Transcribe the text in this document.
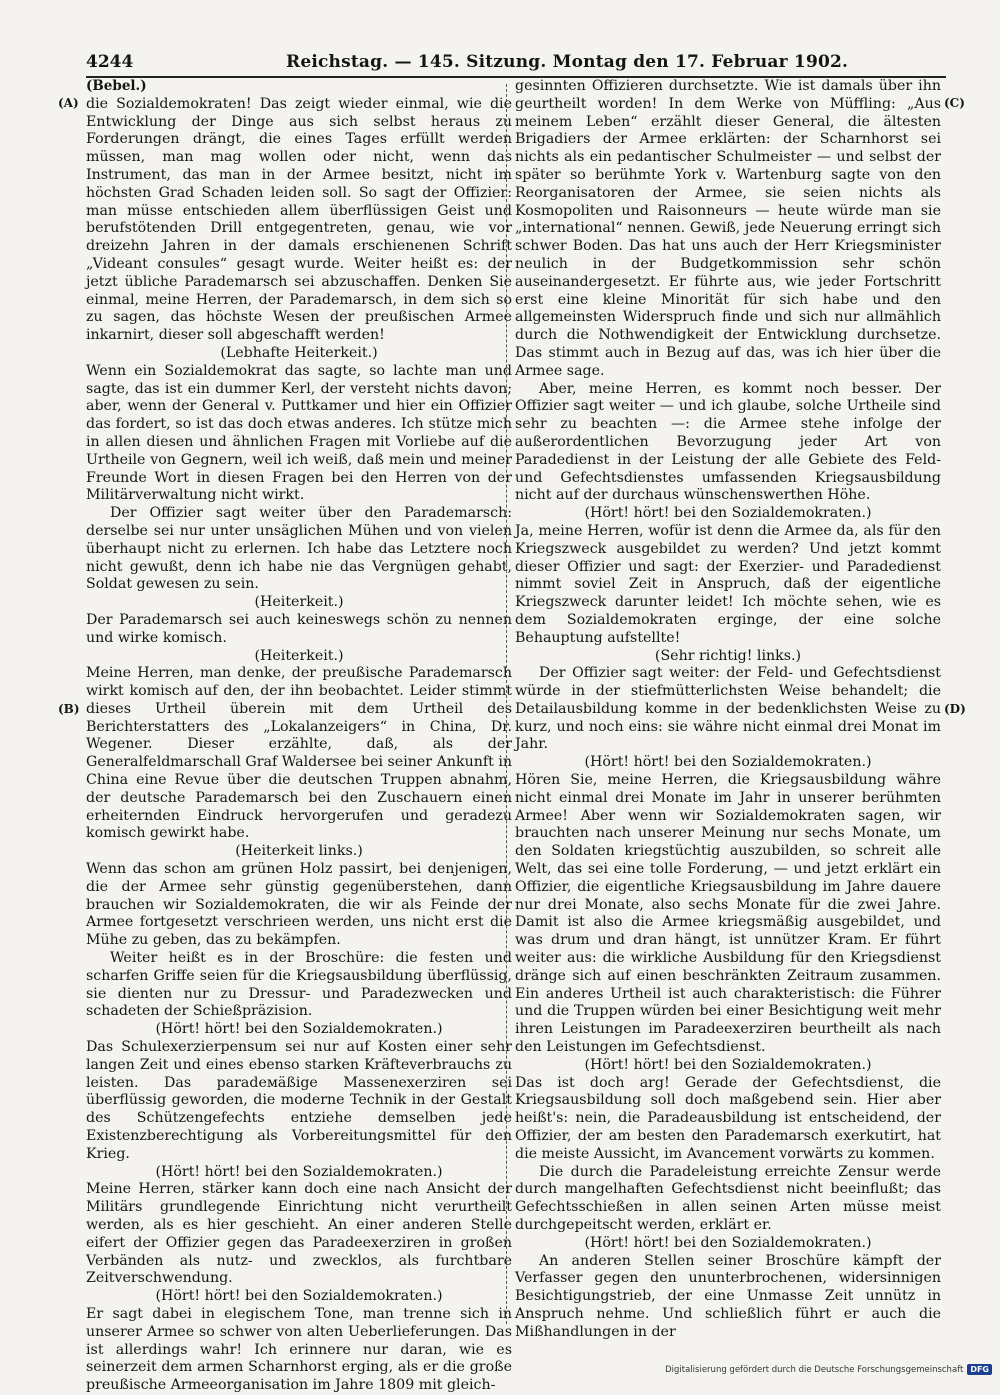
4244	Reichstag. — 145. Sitzung. Montag den 17. Februar 1902.
(Bebel.)

die Sozialdemokraten! Das zeigt wieder einmal, wie die Entwicklung der Dinge aus sich selbst heraus zu Forderungen drängt, die eines Tages erfüllt werden müssen, man mag wollen oder nicht, wenn das Instrument, das man in der Armee besitzt, nicht im höchsten Grad Schaden leiden soll. So sagt der Offizier: man müsse entschieden allem überflüssigen Geist und berufstötenden Drill entgegentreten, genau, wie vor dreizehn Jahren in der damals erschienenen Schrift „Videant consules“ gesagt wurde. Weiter heißt es: der jetzt übliche Parademarsch sei abzuschaffen. Denken Sie einmal, meine Herren, der Parademarsch, in dem sich so zu sagen, das höchste Wesen der preußischen Armee inkarnirt, dieser soll abgeschafft werden!

(Lebhafte Heiterkeit.)

Wenn ein Sozialdemokrat das sagte, so lachte man und sagte, das ist ein dummer Kerl, der versteht nichts davon; aber, wenn der General v. Puttkamer und hier ein Offizier das fordert, so ist das doch etwas anderes. Ich stütze mich in allen diesen und ähnlichen Fragen mit Vorliebe auf die Urtheile von Gegnern, weil ich weiß, daß mein und meiner Freunde Wort in diesen Fragen bei den Herren von der Militärverwaltung nicht wirkt.

Der Offizier sagt weiter über den Parademarsch: derselbe sei nur unter unsäglichen Mühen und von vielen überhaupt nicht zu erlernen. Ich habe das Letztere noch nicht gewußt, denn ich habe nie das Vergnügen gehabt, Soldat gewesen zu sein.

(Heiterkeit.)

Der Parademarsch sei auch keineswegs schön zu nennen und wirke komisch.

(Heiterkeit.)

Meine Herren, man denke, der preußische Parademarsch wirkt komisch auf den, der ihn beobachtet. Leider stimmt dieses Urtheil überein mit dem Urtheil des Berichterstatters des „Lokalanzeigers“ in China, Dr. Wegener. Dieser erzählte, daß, als der Generalfeldmarschall Graf Waldersee bei seiner Ankunft in China eine Revue über die deutschen Truppen abnahm, der deutsche Parademarsch bei den Zuschauern einen erheiternden Eindruck hervorgerufen und geradezu komisch gewirkt habe.

(Heiterkeit links.)

Wenn das schon am grünen Holz passirt, bei denjenigen, die der Armee sehr günstig gegenüberstehen, dann brauchen wir Sozialdemokraten, die wir als Feinde der Armee fortgesetzt verschrieen werden, uns nicht erst die Mühe zu geben, das zu bekämpfen.

Weiter heißt es in der Broschüre: die festen und scharfen Griffe seien für die Kriegsausbildung überflüssig, sie dienten nur zu Dressur- und Paradezwecken und schadeten der Schießpräzision.

(Hört! hört! bei den Sozialdemokraten.)

Das Schulexerzierpensum sei nur auf Kosten einer sehr langen Zeit und eines ebenso starken Kräfteverbrauchs zu leisten. Das paradeмäßige Massenexerziren sei überflüssig geworden, die moderne Technik in der Gestalt des Schützengefechts entziehe demselben jede Existenzberechtigung als Vorbereitungsmittel für den Krieg.

(Hört! hört! bei den Sozialdemokraten.)

Meine Herren, stärker kann doch eine nach Ansicht der Militärs grundlegende Einrichtung nicht verurtheilt werden, als es hier geschieht. An einer anderen Stelle eifert der Offizier gegen das Paradeexerziren in großen Verbänden als nutz- und zwecklos, als furchtbare Zeitverschwendung.

(Hört! hört! bei den Sozialdemokraten.)

Er sagt dabei in elegischem Tone, man trenne sich in unserer Armee so schwer von alten Ueberlieferungen. Das ist allerdings wahr! Ich erinnere nur daran, wie es seinerzeit dem armen Scharnhorst erging, als er die große preußische Armeeorganisation im Jahre 1809 mit gleich-

gesinnten Offizieren durchsetzte. Wie ist damals über ihn geurtheilt worden! In dem Werke von Müffling: „Aus meinem Leben“ erzählt dieser General, die ältesten Brigadiers der Armee erklärten: der Scharnhorst sei nichts als ein pedantischer Schulmeister — und selbst der später so berühmte York v. Wartenburg sagte von den Reorganisatoren der Armee, sie seien nichts als Kosmopoliten und Raisonneurs — heute würde man sie „international“ nennen. Gewiß, jede Neuerung erringt sich schwer Boden. Das hat uns auch der Herr Kriegsminister neulich in der Budgetkommission sehr schön auseinandergesetzt. Er führte aus, wie jeder Fortschritt erst eine kleine Minorität für sich habe und den allgemeinsten Widerspruch finde und sich nur allmählich durch die Nothwendigkeit der Entwicklung durchsetze. Das stimmt auch in Bezug auf das, was ich hier über die Armee sage.

Aber, meine Herren, es kommt noch besser. Der Offizier sagt weiter — und ich glaube, solche Urtheile sind sehr zu beachten —: die Armee stehe infolge der außerordentlichen Bevorzugung jeder Art von Paradedienst in der Leistung der alle Gebiete des Feld- und Gefechtsdienstes umfassenden Kriegsausbildung nicht auf der durchaus wünschenswerthen Höhe.

(Hört! hört! bei den Sozialdemokraten.)

Ja, meine Herren, wofür ist denn die Armee da, als für den Kriegszweck ausgebildet zu werden? Und jetzt kommt dieser Offizier und sagt: der Exerzier- und Paradedienst nimmt soviel Zeit in Anspruch, daß der eigentliche Kriegszweck darunter leidet! Ich möchte sehen, wie es dem Sozialdemokraten erginge, der eine solche Behauptung aufstellte!

(Sehr richtig! links.)

Der Offizier sagt weiter: der Feld- und Gefechtsdienst würde in der stiefmütterlichsten Weise behandelt; die Detailausbildung komme in der bedenklichsten Weise zu kurz, und noch eins: sie währe nicht einmal drei Monat im Jahr.

(Hört! hört! bei den Sozialdemokraten.)

Hören Sie, meine Herren, die Kriegsausbildung währe nicht einmal drei Monate im Jahr in unserer berühmten Armee! Aber wenn wir Sozialdemokraten sagen, wir brauchten nach unserer Meinung nur sechs Monate, um den Soldaten kriegstüchtig auszubilden, so schreit alle Welt, das sei eine tolle Forderung, — und jetzt erklärt ein Offizier, die eigentliche Kriegsausbildung im Jahre dauere nur drei Monate, also sechs Monate für die zwei Jahre. Damit ist also die Armee kriegsmäßig ausgebildet, und was drum und dran hängt, ist unnützer Kram. Er führt weiter aus: die wirkliche Ausbildung für den Kriegsdienst dränge sich auf einen beschränkten Zeitraum zusammen. Ein anderes Urtheil ist auch charakteristisch: die Führer und die Truppen würden bei einer Besichtigung weit mehr ihren Leistungen im Paradeexerziren beurtheilt als nach den Leistungen im Gefechtsdienst.

(Hört! hört! bei den Sozialdemokraten.)

Das ist doch arg! Gerade der Gefechtsdienst, die Kriegsausbildung soll doch maßgebend sein. Hier aber heißt's: nein, die Paradeausbildung ist entscheidend, der Offizier, der am besten den Parademarsch exerkutirt, hat die meiste Aussicht, im Avancement vorwärts zu kommen.

Die durch die Paradeleistung erreichte Zensur werde durch mangelhaften Gefechtsdienst nicht beeinflußt; das Gefechtsschießen in allen seinen Arten müsse meist durchgepeitscht werden, erklärt er.

(Hört! hört! bei den Sozialdemokraten.)

An anderen Stellen seiner Broschüre kämpft der Verfasser gegen den ununterbrochenen, widersinnigen Besichtigungstrieb, der eine Unmasse Zeit unnütz in Anspruch nehme. Und schließlich führt er auch die Mißhandlungen in der

(A)
(B)
(C)
(D)
Digitalisierung gefördert durch die Deutsche Forschungsgemeinschaft DFG
